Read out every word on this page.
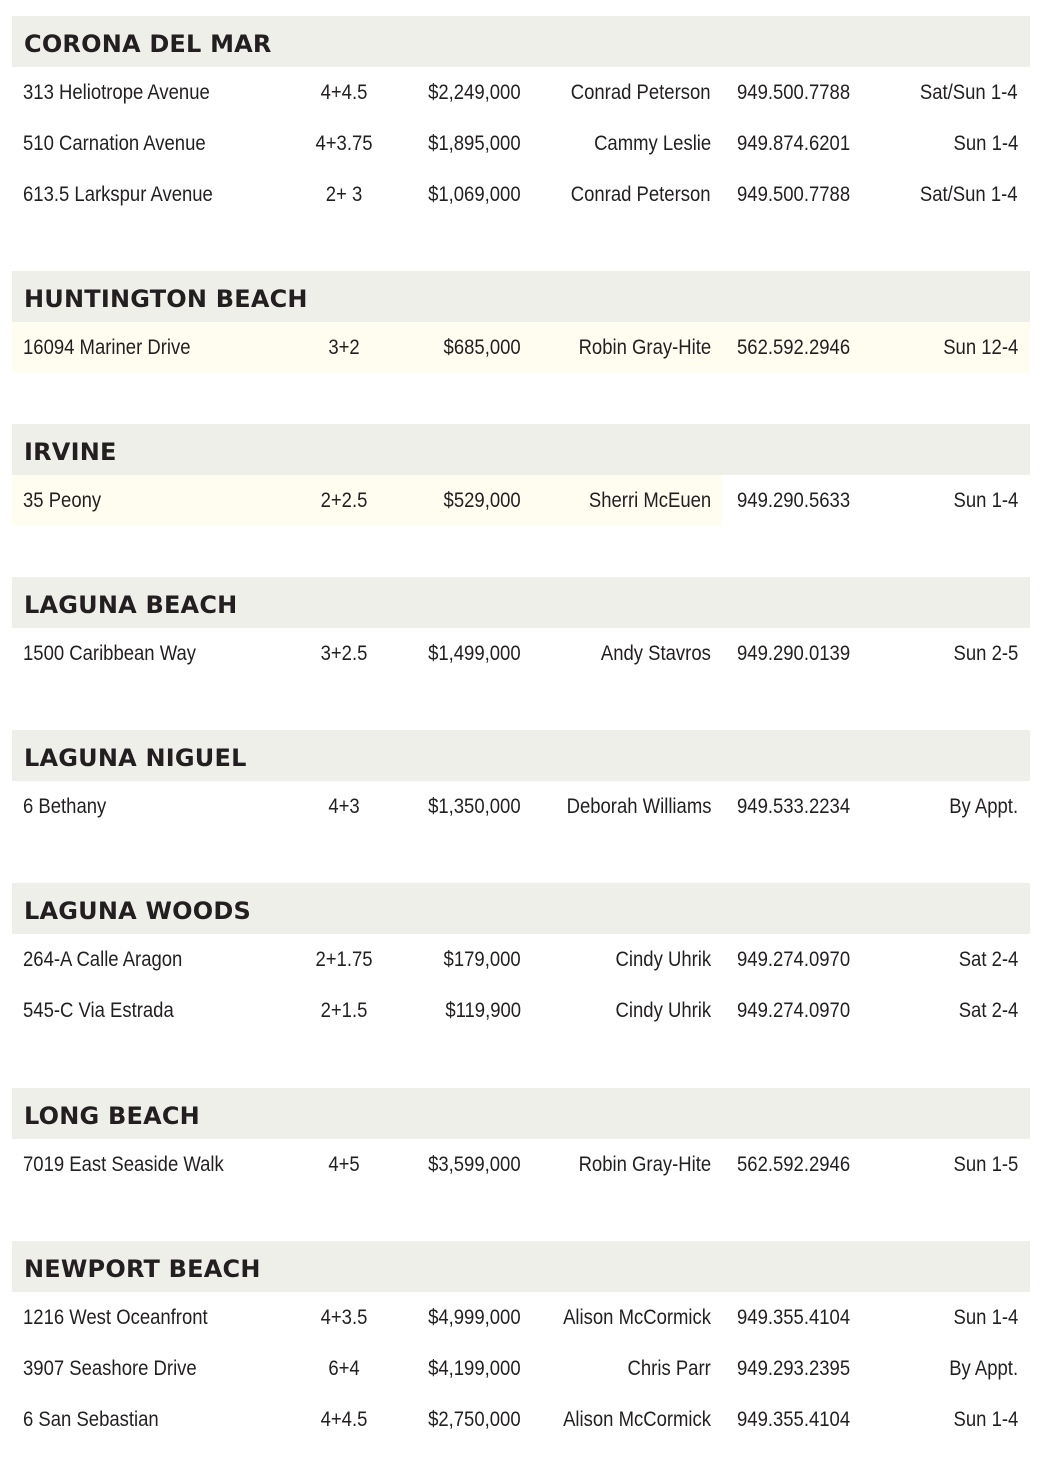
CORONA DEL MAR
313 Heliotrope Avenue	4+4.5	$2,249,000 Conrad Peterson 949.500.7788	Sat/Sun 1-4
510 Carnation Avenue	4+3.75	$1,895,000	Cammy Leslie 949.874.6201	Sun 1-4
613.5 Larkspur Avenue	2+ 3	$1,069,000 Conrad Peterson 949.500.7788	Sat/Sun 1-4
HUNTINGTON BEACH
16094 Mariner Drive	3+2	$685,000	Robin Gray-Hite 562.592.2946	Sun 12-4
IRVINE
35 Peony	2+2.5	$529,000	Sherri McEuen 949.290.5633	Sun 1-4
LAGUNA BEACH
1500 Caribbean Way	3+2.5	$1,499,000	Andy Stavros 949.290.0139	Sun 2-5
LAGUNA NIGUEL
6 Bethany	4+3	$1,350,000 Deborah Williams 949.533.2234	By Appt.
LAGUNA WOODS
264-A Calle Aragon	2+1.75	$179,000	Cindy Uhrik 949.274.0970	Sat 2-4
545-C Via Estrada	2+1.5	$119,900	Cindy Uhrik 949.274.0970	Sat 2-4
LONG BEACH
7019 East Seaside Walk	4+5	$3,599,000	Robin Gray-Hite 562.592.2946	Sun 1-5
NEWPORT BEACH
1216 West Oceanfront	4+3.5	$4,999,000 Alison McCormick 949.355.4104	Sun 1-4
3907 Seashore Drive	6+4	$4,199,000	Chris Parr 949.293.2395	By Appt.
6 San Sebastian	4+4.5	$2,750,000 Alison McCormick 949.355.4104	Sun 1-4
